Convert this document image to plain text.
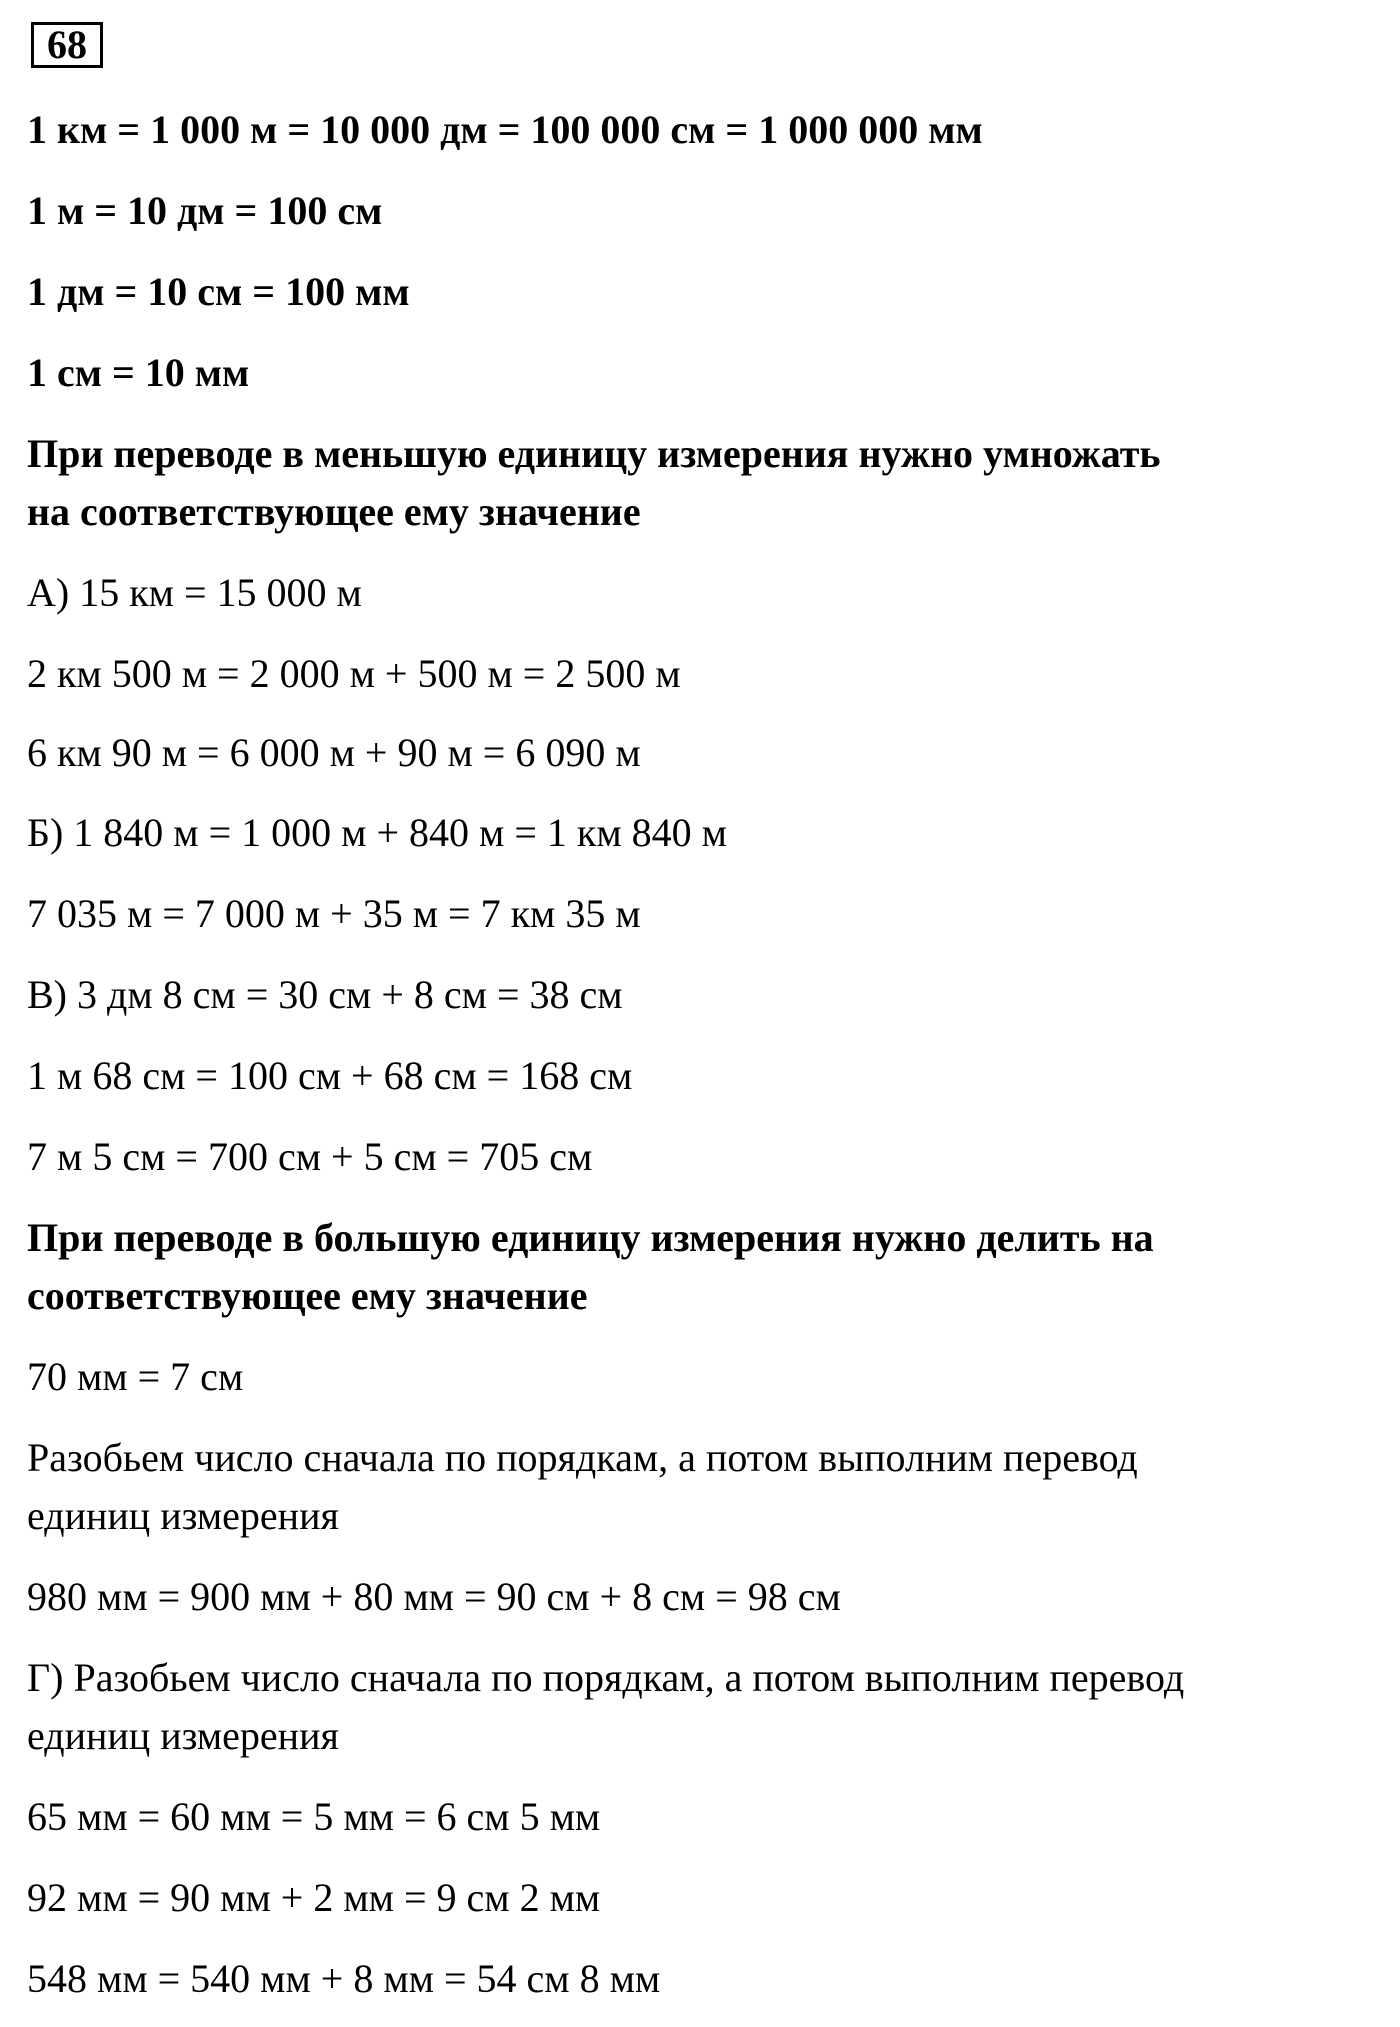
68
1 км = 1 000 м = 10 000 дм = 100 000 см = 1 000 000 мм
1 м = 10 дм = 100 см
1 дм = 10 см = 100 мм
1 см = 10 мм
При переводе в меньшую единицу измерения нужно умножать
на соответствующее ему значение
А) 15 км = 15 000 м
2 км 500 м = 2 000 м + 500 м = 2 500 м
6 км 90 м = 6 000 м + 90 м = 6 090 м
Б) 1 840 м = 1 000 м + 840 м = 1 км 840 м
7 035 м = 7 000 м + 35 м = 7 км 35 м
В) 3 дм 8 см = 30 см + 8 см = 38 см
1 м 68 см = 100 см + 68 см = 168 см
7 м 5 см = 700 см + 5 см = 705 см
При переводе в большую единицу измерения нужно делить на
соответствующее ему значение
70 мм = 7 см
Разобьем число сначала по порядкам, а потом выполним перевод
единиц измерения
980 мм = 900 мм + 80 мм = 90 см + 8 см = 98 см
Г) Разобьем число сначала по порядкам, а потом выполним перевод
единиц измерения
65 мм = 60 мм = 5 мм = 6 см 5 мм
92 мм = 90 мм + 2 мм = 9 см 2 мм
548 мм = 540 мм + 8 мм = 54 см 8 мм
